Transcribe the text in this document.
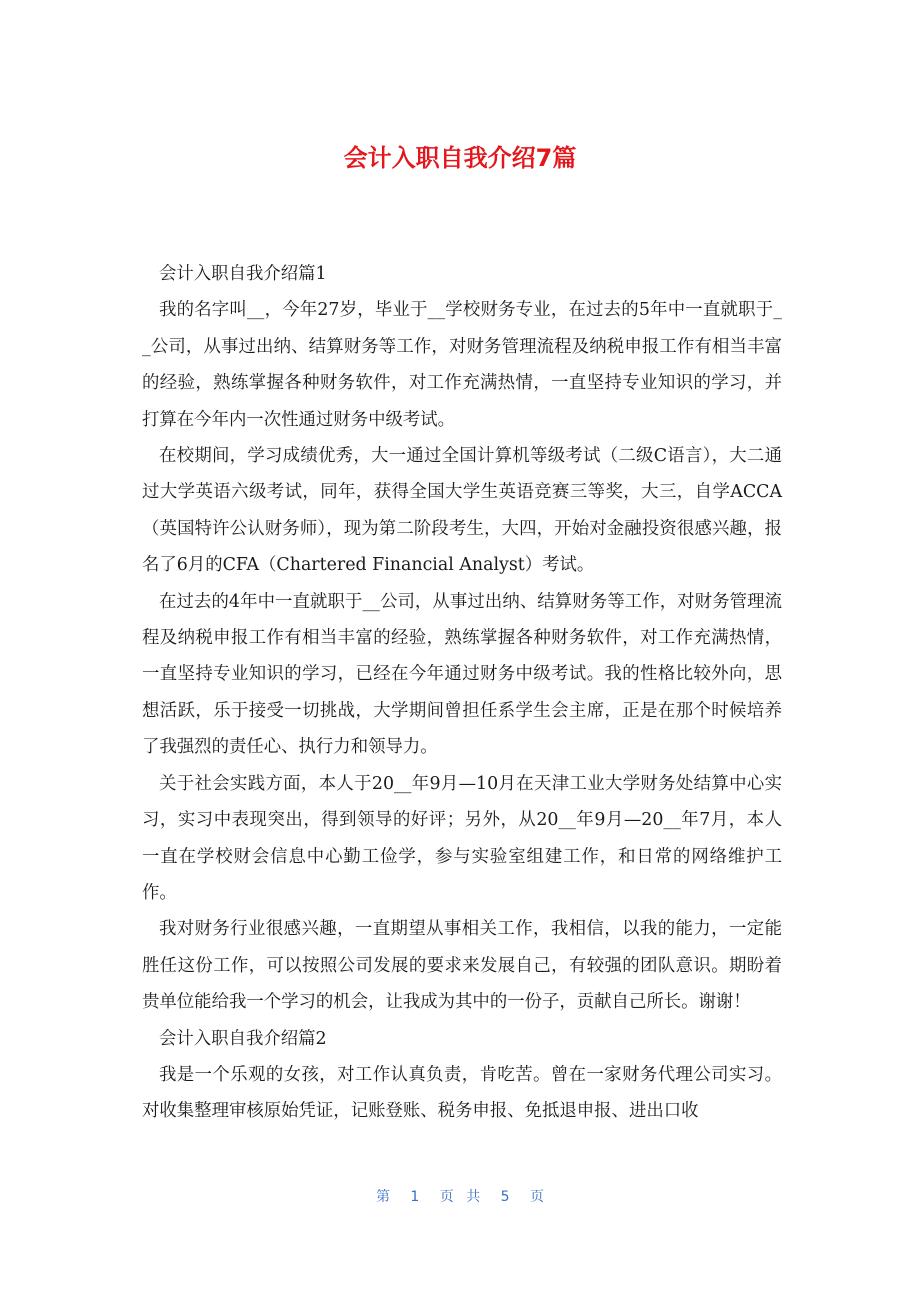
会计入职自我介绍7篇

会计入职自我介绍篇1

我的名字叫__，今年27岁，毕业于__学校财务专业，在过去的5年中一直就职于__公司，从事过出纳、结算财务等工作，对财务管理流程及纳税申报工作有相当丰富的经验，熟练掌握各种财务软件，对工作充满热情，一直坚持专业知识的学习，并打算在今年内一次性通过财务中级考试。

在校期间，学习成绩优秀，大一通过全国计算机等级考试（二级C语言），大二通过大学英语六级考试，同年，获得全国大学生英语竞赛三等奖，大三，自学ACCA（英国特许公认财务师），现为第二阶段考生，大四，开始对金融投资很感兴趣，报名了6月的CFA（Chartered Financial Analyst）考试。

在过去的4年中一直就职于__公司，从事过出纳、结算财务等工作，对财务管理流程及纳税申报工作有相当丰富的经验，熟练掌握各种财务软件，对工作充满热情，一直坚持专业知识的学习，已经在今年通过财务中级考试。我的性格比较外向，思想活跃，乐于接受一切挑战，大学期间曾担任系学生会主席，正是在那个时候培养了我强烈的责任心、执行力和领导力。

关于社会实践方面，本人于20__年9月—10月在天津工业大学财务处结算中心实习，实习中表现突出，得到领导的好评；另外，从20__年9月—20__年7月，本人一直在学校财会信息中心勤工俭学，参与实验室组建工作，和日常的网络维护工作。

我对财务行业很感兴趣，一直期望从事相关工作，我相信，以我的能力，一定能胜任这份工作，可以按照公司发展的要求来发展自己，有较强的团队意识。期盼着贵单位能给我一个学习的机会，让我成为其中的一份子，贡献自己所长。谢谢！

会计入职自我介绍篇2

我是一个乐观的女孩，对工作认真负责，肯吃苦。曾在一家财务代理公司实习。对收集整理审核原始凭证，记账登账、税务申报、免抵退申报、进出口收

第 1 页 共 5 页
